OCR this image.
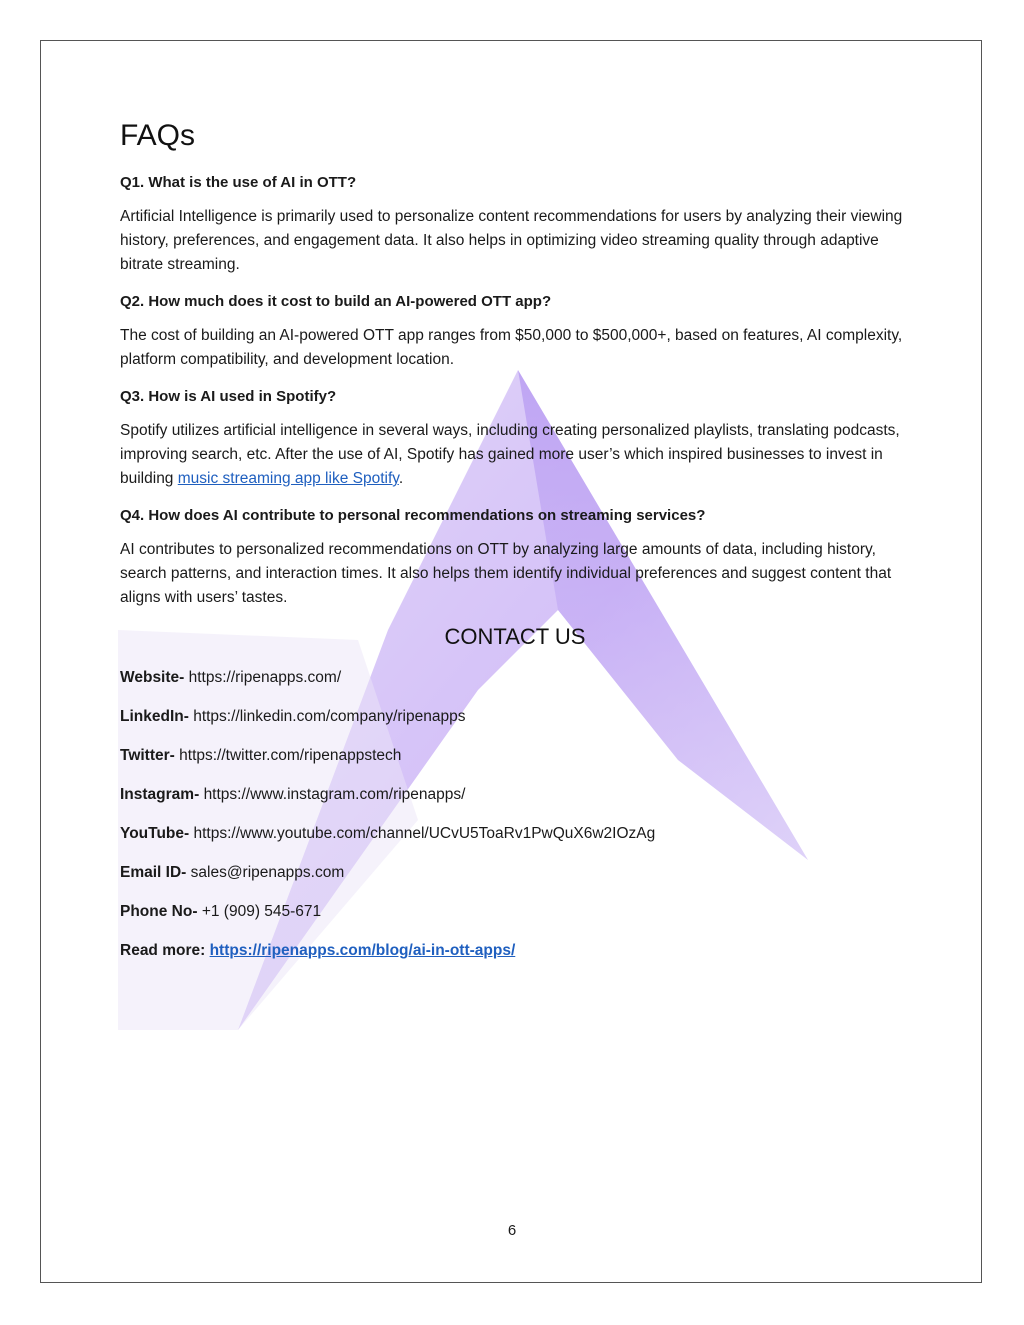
FAQs

Q1. What is the use of AI in OTT?

Artificial Intelligence is primarily used to personalize content recommendations for users by analyzing their viewing history, preferences, and engagement data. It also helps in optimizing video streaming quality through adaptive bitrate streaming.

Q2. How much does it cost to build an AI-powered OTT app?

The cost of building an AI-powered OTT app ranges from $50,000 to $500,000+, based on features, AI complexity, platform compatibility, and development location.

Q3. How is AI used in Spotify?

Spotify utilizes artificial intelligence in several ways, including creating personalized playlists, translating podcasts, improving search, etc. After the use of AI, Spotify has gained more user’s which inspired businesses to invest in building music streaming app like Spotify.

Q4. How does AI contribute to personal recommendations on streaming services?

AI contributes to personalized recommendations on OTT by analyzing large amounts of data, including history, search patterns, and interaction times. It also helps them identify individual preferences and suggest content that aligns with users’ tastes.

CONTACT US

Website- https://ripenapps.com/

LinkedIn- https://linkedin.com/company/ripenapps

Twitter- https://twitter.com/ripenappstech

Instagram- https://www.instagram.com/ripenapps/

YouTube- https://www.youtube.com/channel/UCvU5ToaRv1PwQuX6w2IOzAg

Email ID- sales@ripenapps.com

Phone No- +1 (909) 545-671

Read more: https://ripenapps.com/blog/ai-in-ott-apps/

6
